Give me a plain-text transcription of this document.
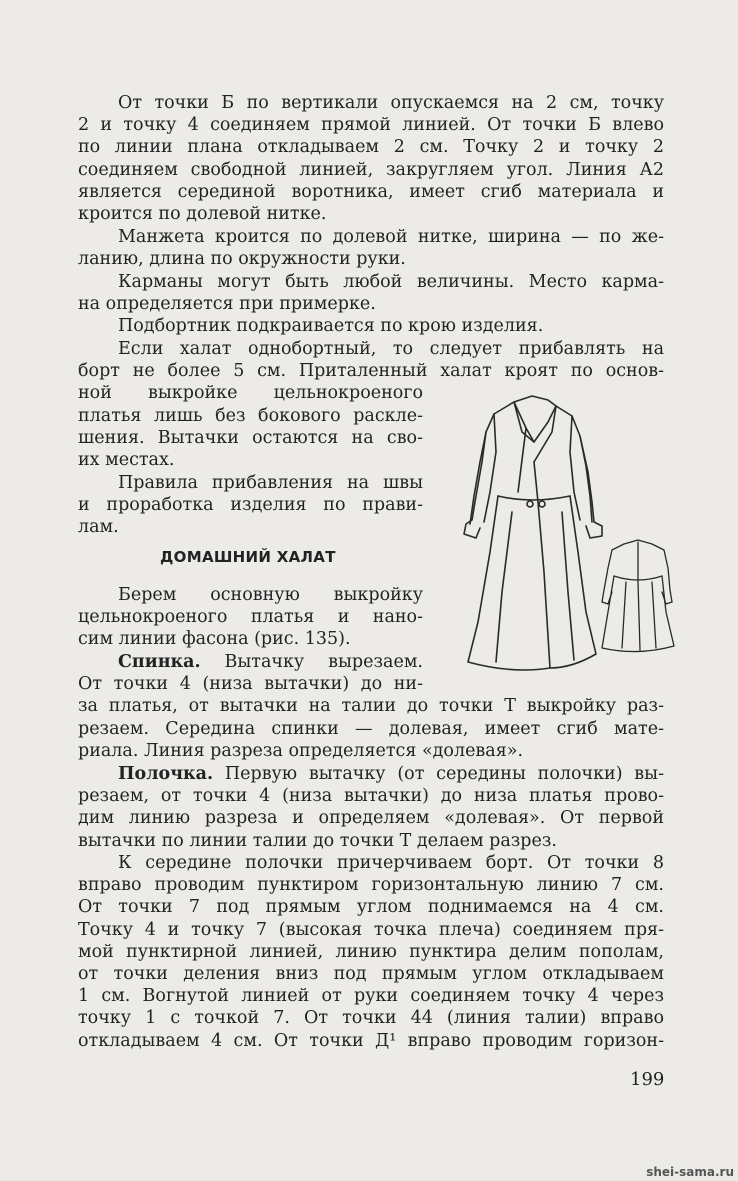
От точки Б по вертикали опускаемся на 2 см, точку
2 и точку 4 соединяем прямой линией. От точки Б влево
по линии плана откладываем 2 см. Точку 2 и точку 2
соединяем свободной линией, закругляем угол. Линия А2
является серединой воротника, имеет сгиб материала и
кроится по долевой нитке.
Манжета кроится по долевой нитке, ширина — по же-
ланию, длина по окружности руки.
Карманы могут быть любой величины. Место карма-
на определяется при примерке.
Подбортник подкраивается по крою изделия.
Если халат однобортный, то следует прибавлять на
борт не более 5 см. Приталенный халат кроят по основ-
ной выкройке цельнокроеного
платья лишь без бокового раскле-
шения. Вытачки остаются на сво-
их местах.
Правила прибавления на швы
и проработка изделия по прави-
лам.
ДОМАШНИЙ ХАЛАТ
Берем основную выкройку
цельнокроеного платья и нано-
сим линии фасона (рис. 135).
Спинка. Вытачку вырезаем.
От точки 4 (низа вытачки) до ни-
за платья, от вытачки на талии до точки Т выкройку раз-
резаем. Середина спинки — долевая, имеет сгиб мате-
риала. Линия разреза определяется «долевая».
Полочка. Первую вытачку (от середины полочки) вы-
резаем, от точки 4 (низа вытачки) до низа платья прово-
дим линию разреза и определяем «долевая». От первой
вытачки по линии талии до точки Т делаем разрез.
К середине полочки причерчиваем борт. От точки 8
вправо проводим пунктиром горизонтальную линию 7 см.
От точки 7 под прямым углом поднимаемся на 4 см.
Точку 4 и точку 7 (высокая точка плеча) соединяем пря-
мой пунктирной линией, линию пунктира делим пополам,
от точки деления вниз под прямым углом откладываем
1 см. Вогнутой линией от руки соединяем точку 4 через
точку 1 с точкой 7. От точки 44 (линия талии) вправо
откладываем 4 см. От точки Д¹ вправо проводим горизон-
199
shei-sama.ru
